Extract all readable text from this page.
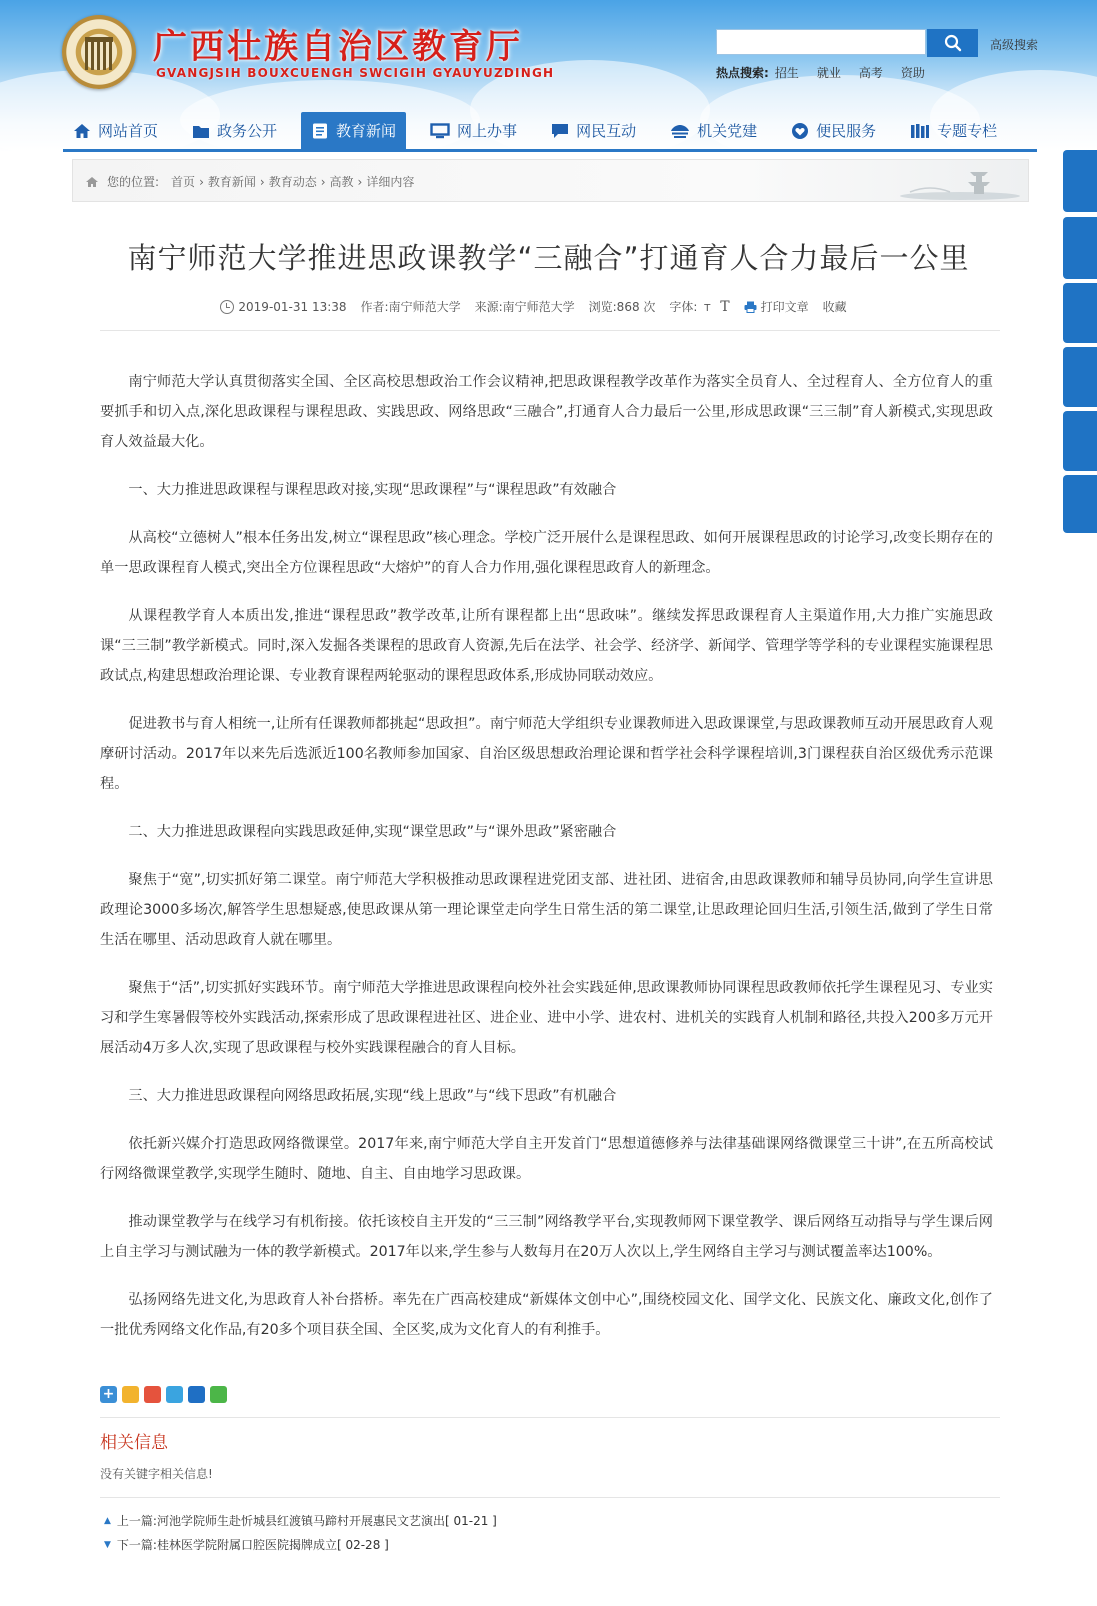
广西壮族自治区教育厅
GVANGJSIH BOUXCUENGH SWCIGIH GYAUYUZDINGH
高级搜索
热点搜索: 招生 就业 高考 资助
网站首页	政务公开	教育新闻	网上办事	网民互动	机关党建	便民服务	专题专栏
您的位置: 首页 › 教育新闻 › 教育动态 › 高教 › 详细内容
南宁师范大学推进思政课教学“三融合”打通育人合力最后一公里
2019-01-31 13:38 作者:南宁师范大学 来源:南宁师范大学 浏览:868 次 字体: T T	打印文章 收藏

南宁师范大学认真贯彻落实全国、全区高校思想政治工作会议精神,把思政课程教学改革作为落实全员育人、全过程育人、全方位育人的重要抓手和切入点,深化思政课程与课程思政、实践思政、网络思政“三融合”,打通育人合力最后一公里,形成思政课“三三制”育人新模式,实现思政育人效益最大化。

一、大力推进思政课程与课程思政对接,实现“思政课程”与“课程思政”有效融合

从高校“立德树人”根本任务出发,树立“课程思政”核心理念。学校广泛开展什么是课程思政、如何开展课程思政的讨论学习,改变长期存在的单一思政课程育人模式,突出全方位课程思政“大熔炉”的育人合力作用,强化课程思政育人的新理念。

从课程教学育人本质出发,推进“课程思政”教学改革,让所有课程都上出“思政味”。继续发挥思政课程育人主渠道作用,大力推广实施思政课“三三制”教学新模式。同时,深入发掘各类课程的思政育人资源,先后在法学、社会学、经济学、新闻学、管理学等学科的专业课程实施课程思政试点,构建思想政治理论课、专业教育课程两轮驱动的课程思政体系,形成协同联动效应。

促进教书与育人相统一,让所有任课教师都挑起“思政担”。南宁师范大学组织专业课教师进入思政课课堂,与思政课教师互动开展思政育人观摩研讨活动。2017年以来先后选派近100名教师参加国家、自治区级思想政治理论课和哲学社会科学课程培训,3门课程获自治区级优秀示范课程。

二、大力推进思政课程向实践思政延伸,实现“课堂思政”与“课外思政”紧密融合

聚焦于“宽”,切实抓好第二课堂。南宁师范大学积极推动思政课程进党团支部、进社团、进宿舍,由思政课教师和辅导员协同,向学生宣讲思政理论3000多场次,解答学生思想疑惑,使思政课从第一理论课堂走向学生日常生活的第二课堂,让思政理论回归生活,引领生活,做到了学生日常生活在哪里、活动思政育人就在哪里。

聚焦于“活”,切实抓好实践环节。南宁师范大学推进思政课程向校外社会实践延伸,思政课教师协同课程思政教师依托学生课程见习、专业实习和学生寒暑假等校外实践活动,探索形成了思政课程进社区、进企业、进中小学、进农村、进机关的实践育人机制和路径,共投入200多万元开展活动4万多人次,实现了思政课程与校外实践课程融合的育人目标。

三、大力推进思政课程向网络思政拓展,实现“线上思政”与“线下思政”有机融合

依托新兴媒介打造思政网络微课堂。2017年来,南宁师范大学自主开发首门“思想道德修养与法律基础课网络微课堂三十讲”,在五所高校试行网络微课堂教学,实现学生随时、随地、自主、自由地学习思政课。

推动课堂教学与在线学习有机衔接。依托该校自主开发的“三三制”网络教学平台,实现教师网下课堂教学、课后网络互动指导与学生课后网上自主学习与测试融为一体的教学新模式。2017年以来,学生参与人数每月在20万人次以上,学生网络自主学习与测试覆盖率达100%。

弘扬网络先进文化,为思政育人补台搭桥。率先在广西高校建成“新媒体文创中心”,围绕校园文化、国学文化、民族文化、廉政文化,创作了一批优秀网络文化作品,有20多个项目获全国、全区奖,成为文化育人的有利推手。

+
相关信息
没有关键字相关信息!
▲ 上一篇:河池学院师生赴忻城县红渡镇马蹄村开展惠民文艺演出[ 01-21 ]
▼ 下一篇:桂林医学院附属口腔医院揭牌成立[ 02-28 ]
